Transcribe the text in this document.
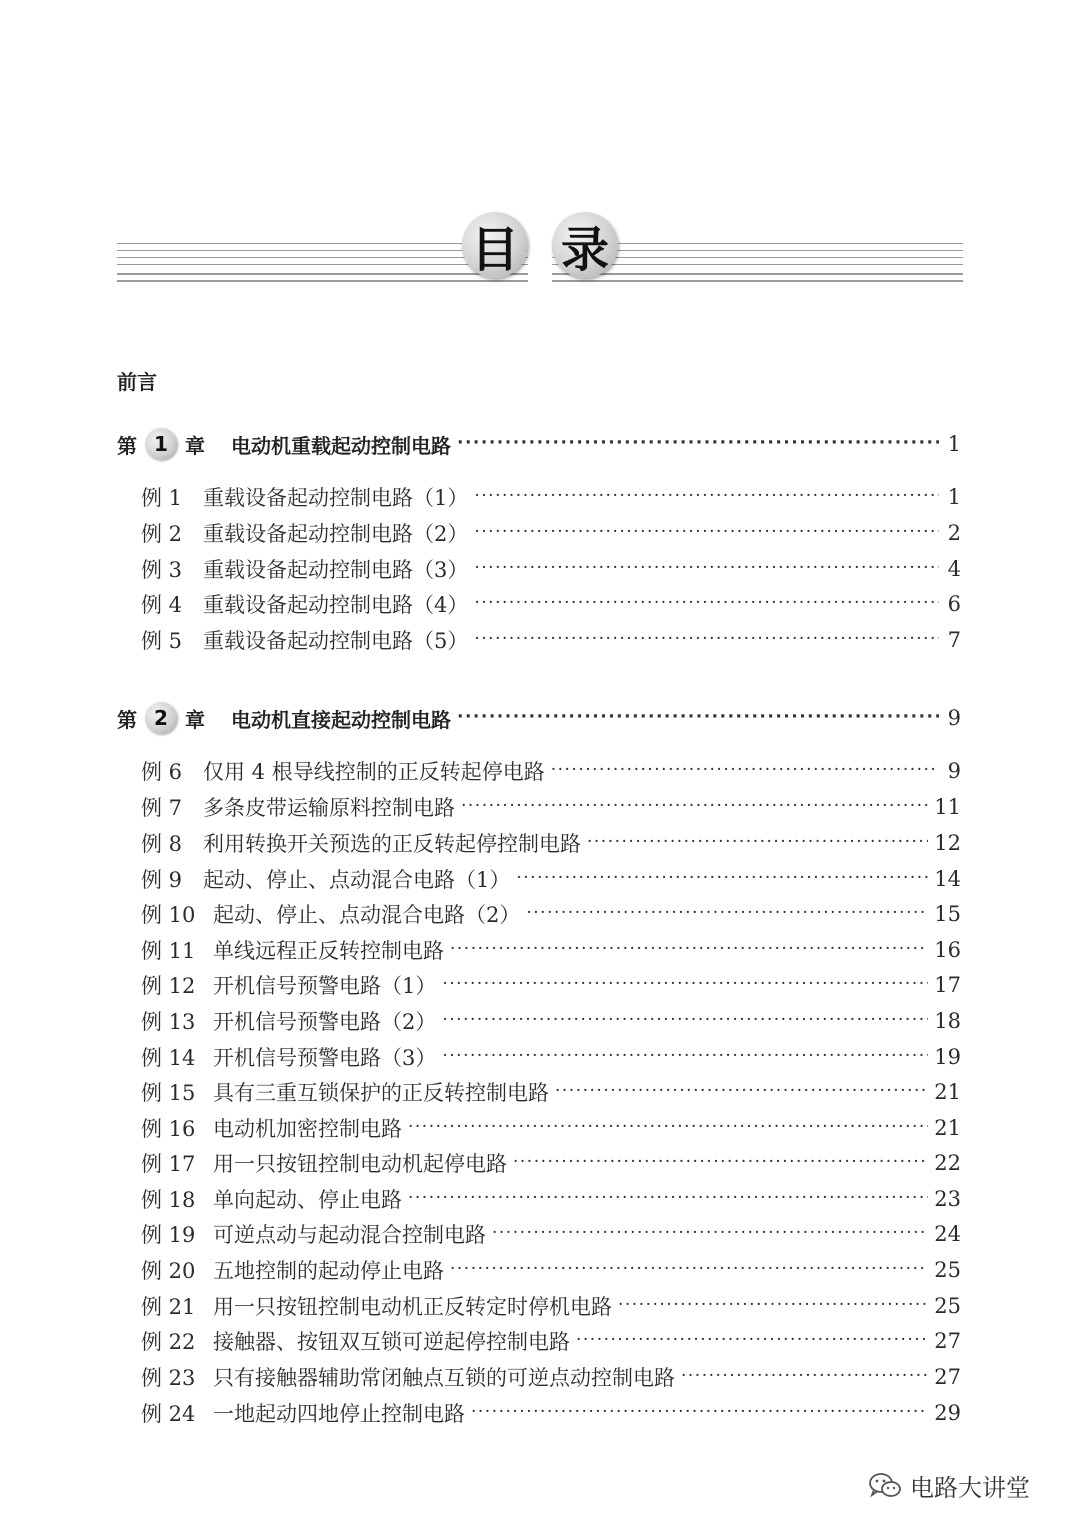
目 录
前言
第 1 章 电动机重载起动控制电路 ·····	1
例 1 重载设备起动控制电路（1） ·····	1
例 2 重载设备起动控制电路（2） ·····	2
例 3 重载设备起动控制电路（3） ·····	4
例 4 重载设备起动控制电路（4） ·····	6
例 5 重载设备起动控制电路（5） ·····	7
第 2 章 电动机直接起动控制电路 ·····	9
例 6 仅用 4 根导线控制的正反转起停电路 ·····	9
例 7 多条皮带运输原料控制电路 ·····	11
例 8 利用转换开关预选的正反转起停控制电路 ·····	12
例 9 起动、停止、点动混合电路（1） ·····	14
例 10 起动、停止、点动混合电路（2） ·····	15
例 11 单线远程正反转控制电路 ·····	16
例 12 开机信号预警电路（1） ·····	17
例 13 开机信号预警电路（2） ·····	18
例 14 开机信号预警电路（3） ·····	19
例 15 具有三重互锁保护的正反转控制电路 ·····	21
例 16 电动机加密控制电路 ·····	21
例 17 用一只按钮控制电动机起停电路 ·····	22
例 18 单向起动、停止电路 ·····	23
例 19 可逆点动与起动混合控制电路 ·····	24
例 20 五地控制的起动停止电路 ·····	25
例 21 用一只按钮控制电动机正反转定时停机电路 ·····	25
例 22 接触器、按钮双互锁可逆起停控制电路 ·····	27
例 23 只有接触器辅助常闭触点互锁的可逆点动控制电路 ·····	27
例 24 一地起动四地停止控制电路 ·····	29
电路大讲堂
